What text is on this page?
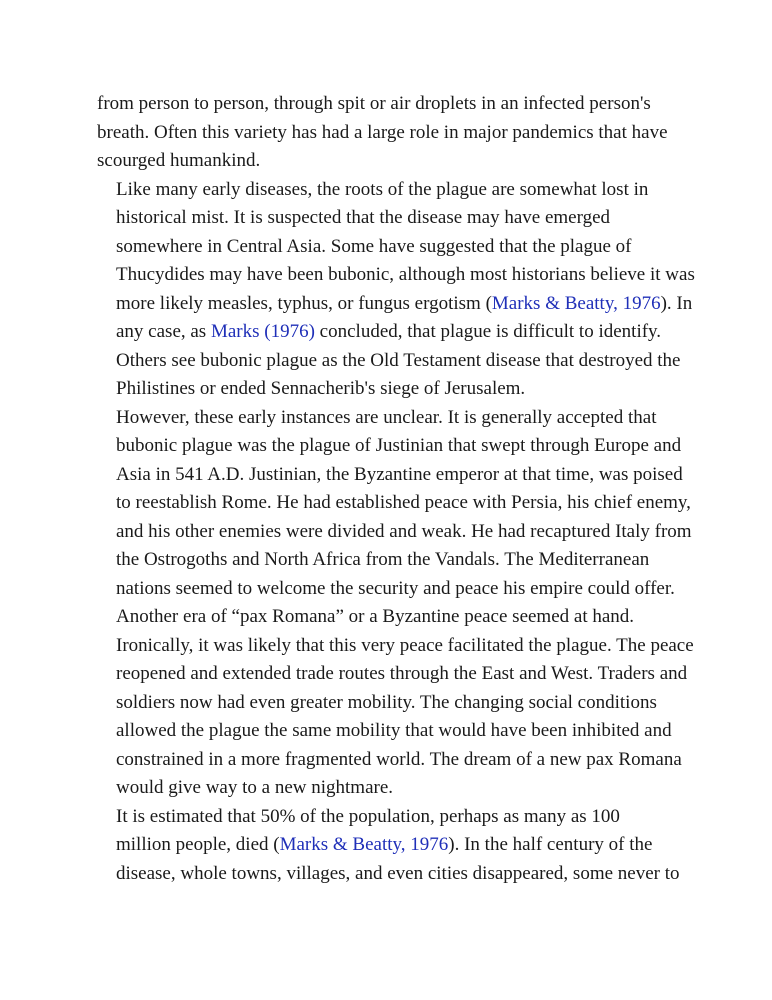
from person to person, through spit or air droplets in an infected person's
breath. Often this variety has had a large role in major pandemics that have
scourged humankind.

Like many early diseases, the roots of the plague are somewhat lost in
historical mist. It is suspected that the disease may have emerged
somewhere in Central Asia. Some have suggested that the plague of
Thucydides may have been bubonic, although most historians believe it was
more likely measles, typhus, or fungus ergotism (Marks & Beatty, 1976). In
any case, as Marks (1976) concluded, that plague is difficult to identify.
Others see bubonic plague as the Old Testament disease that destroyed the
Philistines or ended Sennacherib's siege of Jerusalem.

However, these early instances are unclear. It is generally accepted that
bubonic plague was the plague of Justinian that swept through Europe and
Asia in 541 A.D. Justinian, the Byzantine emperor at that time, was poised
to reestablish Rome. He had established peace with Persia, his chief enemy,
and his other enemies were divided and weak. He had recaptured Italy from
the Ostrogoths and North Africa from the Vandals. The Mediterranean
nations seemed to welcome the security and peace his empire could offer.
Another era of “pax Romana” or a Byzantine peace seemed at hand.
Ironically, it was likely that this very peace facilitated the plague. The peace
reopened and extended trade routes through the East and West. Traders and
soldiers now had even greater mobility. The changing social conditions
allowed the plague the same mobility that would have been inhibited and
constrained in a more fragmented world. The dream of a new pax Romana
would give way to a new nightmare.

It is estimated that 50% of the population, perhaps as many as 100
million people, died (Marks & Beatty, 1976). In the half century of the
disease, whole towns, villages, and even cities disappeared, some never to
